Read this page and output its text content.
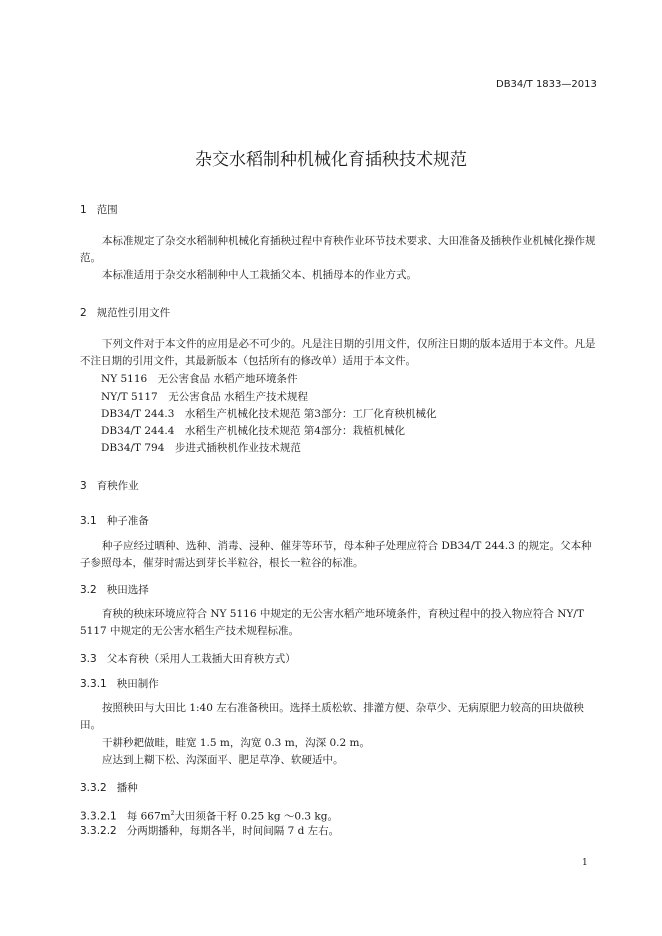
DB34/T 1833—2013
杂交水稻制种机械化育插秧技术规范
1 范围
本标准规定了杂交水稻制种机械化育插秧过程中育秧作业环节技术要求、大田准备及插秧作业机械化操作规范。
本标准适用于杂交水稻制种中人工栽插父本、机插母本的作业方式。
2 规范性引用文件
下列文件对于本文件的应用是必不可少的。凡是注日期的引用文件，仅所注日期的版本适用于本文件。凡是不注日期的引用文件，其最新版本（包括所有的修改单）适用于本文件。
NY 5116　无公害食品 水稻产地环境条件
NY/T 5117　无公害食品 水稻生产技术规程
DB34/T 244.3　水稻生产机械化技术规范 第3部分：工厂化育秧机械化
DB34/T 244.4　水稻生产机械化技术规范 第4部分：栽植机械化
DB34/T 794　步进式插秧机作业技术规范
3 育秧作业
3.1 种子准备
种子应经过晒种、选种、消毒、浸种、催芽等环节，母本种子处理应符合 DB34/T 244.3 的规定。父本种子参照母本，催芽时需达到芽长半粒谷，根长一粒谷的标准。
3.2 秧田选择
育秧的秧床环境应符合 NY 5116 中规定的无公害水稻产地环境条件，育秧过程中的投入物应符合 NY/T 5117 中规定的无公害水稻生产技术规程标准。
3.3 父本育秧（采用人工栽插大田育秧方式）
3.3.1 秧田制作
按照秧田与大田比 1:40 左右准备秧田。选择土质松软、排灌方便、杂草少、无病原肥力较高的田块做秧田。
干耕秒耙做畦，畦宽 1.5 m，沟宽 0.3 m，沟深 0.2 m。
应达到上糊下松、沟深面平、肥足草净、软硬适中。
3.3.2 播种
3.3.2.1 每 $667m^2$大田须备干籽 0.25 kg ～0.3 kg。
3.3.2.2 分两期播种，每期各半，时间间隔 7 d 左右。
1
